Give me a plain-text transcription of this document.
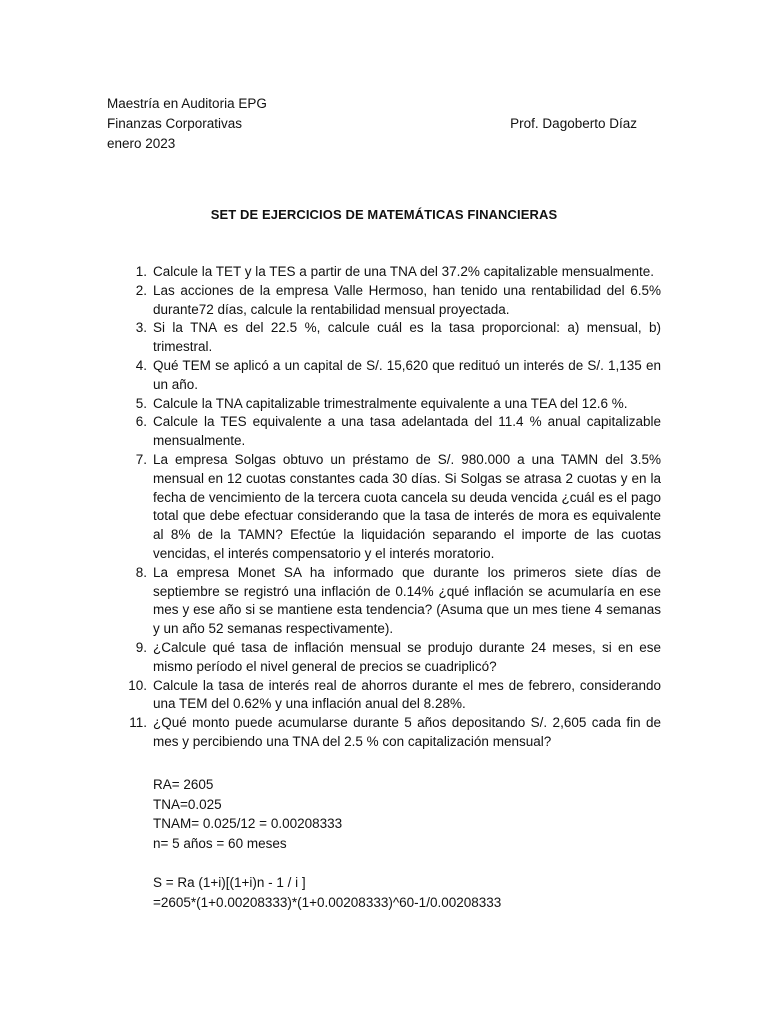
Maestría en Auditoria EPG
Finanzas Corporativas	Prof. Dagoberto Díaz
enero 2023
SET DE EJERCICIOS DE MATEMÁTICAS FINANCIERAS
1. Calcule la TET y la TES a partir de una TNA del 37.2% capitalizable mensualmente.
2. Las acciones de la empresa Valle Hermoso, han tenido una rentabilidad del 6.5% durante72 días, calcule la rentabilidad mensual proyectada.
3. Si la TNA es del 22.5 %, calcule cuál es la tasa proporcional: a) mensual, b) trimestral.
4. Qué TEM se aplicó a un capital de S/. 15,620 que redituó un interés de S/. 1,135 en un año.
5. Calcule la TNA capitalizable trimestralmente equivalente a una TEA del 12.6 %.
6. Calcule la TES equivalente a una tasa adelantada del 11.4 % anual capitalizable mensualmente.
7. La empresa Solgas obtuvo un préstamo de S/. 980.000 a una TAMN del 3.5% mensual en 12 cuotas constantes cada 30 días. Si Solgas se atrasa 2 cuotas y en la fecha de vencimiento de la tercera cuota cancela su deuda vencida ¿cuál es el pago total que debe efectuar considerando que la tasa de interés de mora es equivalente al 8% de la TAMN? Efectúe la liquidación separando el importe de las cuotas vencidas, el interés compensatorio y el interés moratorio.
8. La empresa Monet SA ha informado que durante los primeros siete días de septiembre se registró una inflación de 0.14% ¿qué inflación se acumularía en ese mes y ese año si se mantiene esta tendencia? (Asuma que un mes tiene 4 semanas y un año 52 semanas respectivamente).
9. ¿Calcule qué tasa de inflación mensual se produjo durante 24 meses, si en ese mismo período el nivel general de precios se cuadriplicó?
10. Calcule la tasa de interés real de ahorros durante el mes de febrero, considerando una TEM del 0.62% y una inflación anual del 8.28%.
11. ¿Qué monto puede acumularse durante 5 años depositando S/. 2,605 cada fin de mes y percibiendo una TNA del 2.5 % con capitalización mensual?
RA= 2605
TNA=0.025
TNAM= 0.025/12 = 0.00208333
n= 5 años = 60 meses
S = Ra (1+i)[(1+i)n - 1 / i ]
=2605*(1+0.00208333)*(1+0.00208333)^60-1/0.00208333
